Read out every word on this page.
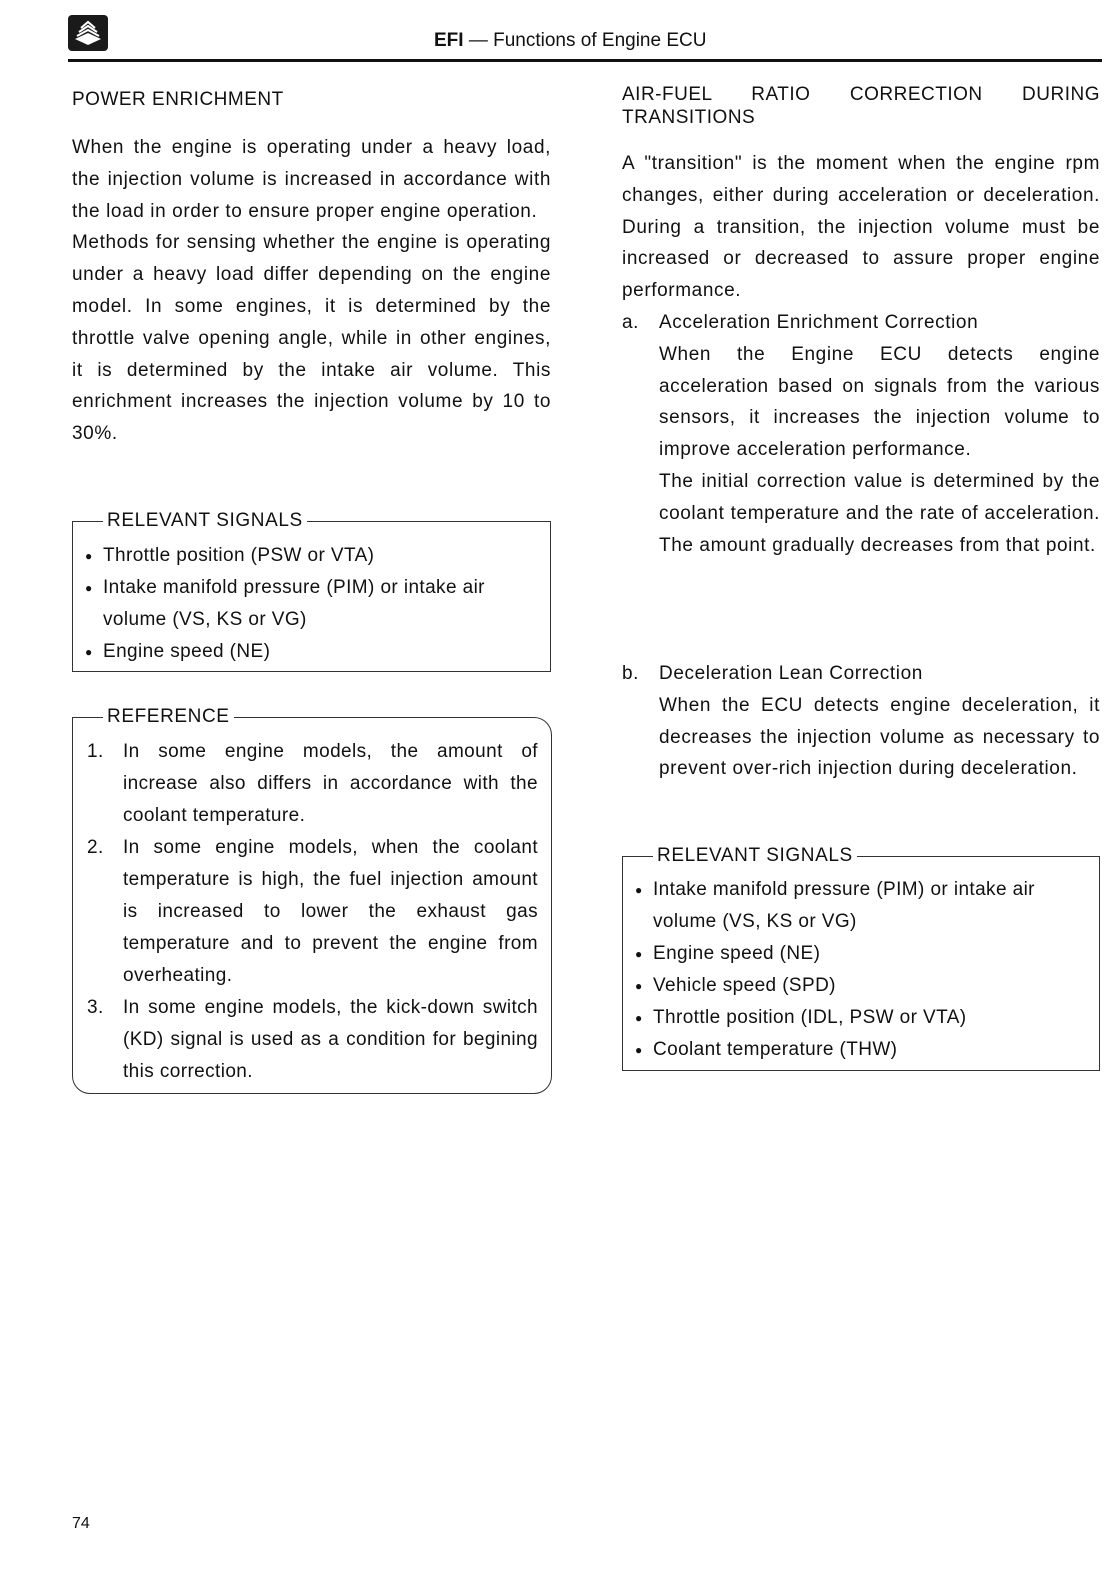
EFI — Functions of Engine ECU
POWER ENRICHMENT

When the engine is operating under a heavy load, the injection volume is increased in accordance with the load in order to ensure proper engine operation.

Methods for sensing whether the engine is operating under a heavy load differ depending on the engine model. In some engines, it is determined by the throttle valve opening angle, while in other engines, it is determined by the intake air volume. This enrichment increases the injection volume by 10 to 30%.

RELEVANT SIGNALS
● Throttle position (PSW or VTA)
● Intake manifold pressure (PIM) or intake air volume (VS, KS or VG)
● Engine speed (NE)
REFERENCE
1. In some engine models, the amount of increase also differs in accordance with the coolant temperature.
2. In some engine models, when the coolant temperature is high, the fuel injection amount is increased to lower the exhaust gas temperature and to prevent the engine from overheating.
3. In some engine models, the kick-down switch (KD) signal is used as a condition for begining this correction.
AIR-FUEL RATIO CORRECTION DURING
TRANSITIONS

A "transition" is the moment when the engine rpm changes, either during acceleration or deceleration. During a transition, the injection volume must be increased or decreased to assure proper engine performance.

a. Acceleration Enrichment Correction

When the Engine ECU detects engine acceleration based on signals from the various sensors, it increases the injection volume to improve acceleration performance.

The initial correction value is determined by the coolant temperature and the rate of acceleration. The amount gradually decreases from that point.

b. Deceleration Lean Correction

When the ECU detects engine deceleration, it decreases the injection volume as necessary to prevent over-rich injection during deceleration.

RELEVANT SIGNALS
● Intake manifold pressure (PIM) or intake air volume (VS, KS or VG)
● Engine speed (NE)
● Vehicle speed (SPD)
● Throttle position (IDL, PSW or VTA)
● Coolant temperature (THW)
74
